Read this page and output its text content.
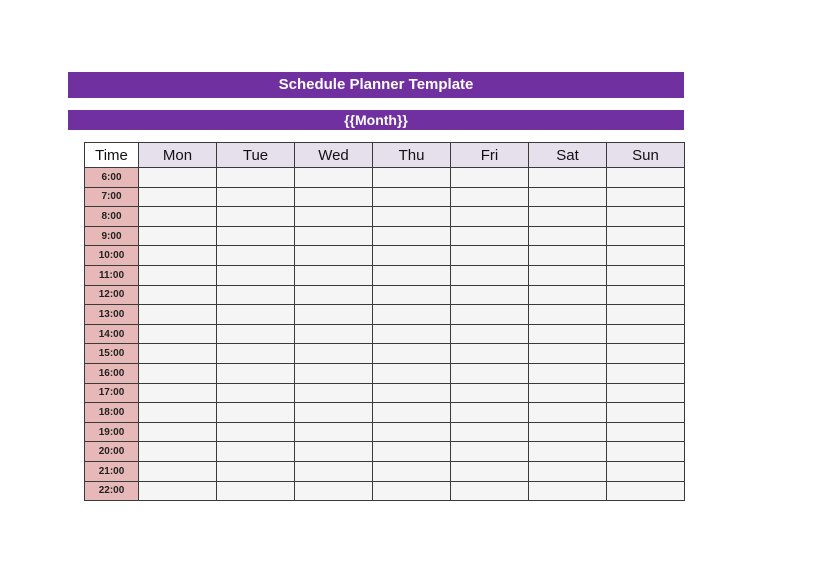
Schedule Planner Template
{{Month}}
Time	Mon	Tue	Wed	Thu	Fri	Sat	Sun
6:00							
7:00							
8:00							
9:00							
10:00							
11:00							
12:00							
13:00							
14:00							
15:00							
16:00							
17:00							
18:00							
19:00							
20:00							
21:00							
22:00							
